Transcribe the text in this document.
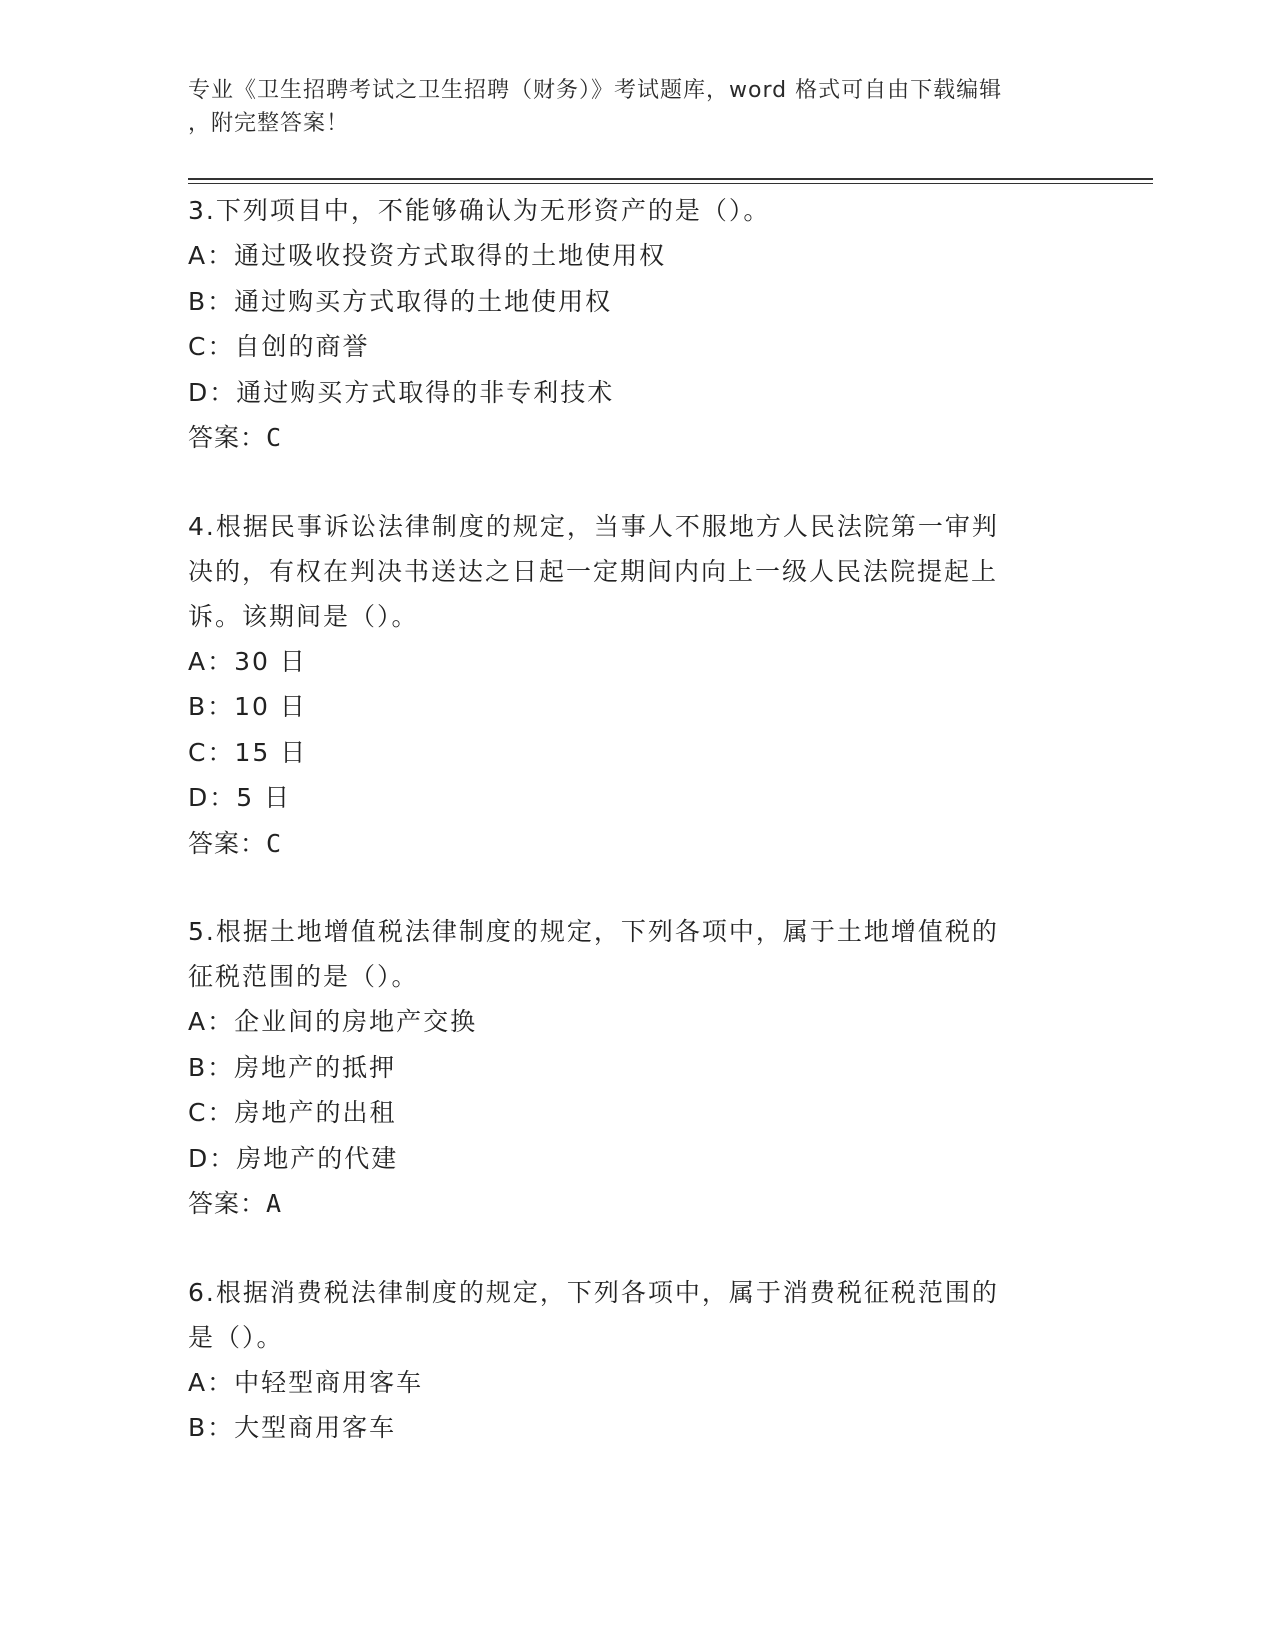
专业《卫生招聘考试之卫生招聘（财务）》考试题库，word 格式可自由下载编辑
，附完整答案！

3.下列项目中，不能够确认为无形资产的是（）。

A：通过吸收投资方式取得的土地使用权

B：通过购买方式取得的土地使用权

C：自创的商誉

D：通过购买方式取得的非专利技术

答案：C

4.根据民事诉讼法律制度的规定，当事人不服地方人民法院第一审判

决的，有权在判决书送达之日起一定期间内向上一级人民法院提起上

诉。该期间是（）。

A：30 日

B：10 日

C：15 日

D：5 日

答案：C

5.根据土地增值税法律制度的规定，下列各项中，属于土地增值税的

征税范围的是（）。

A：企业间的房地产交换

B：房地产的抵押

C：房地产的出租

D：房地产的代建

答案：A

6.根据消费税法律制度的规定，下列各项中，属于消费税征税范围的

是（）。

A：中轻型商用客车

B：大型商用客车
